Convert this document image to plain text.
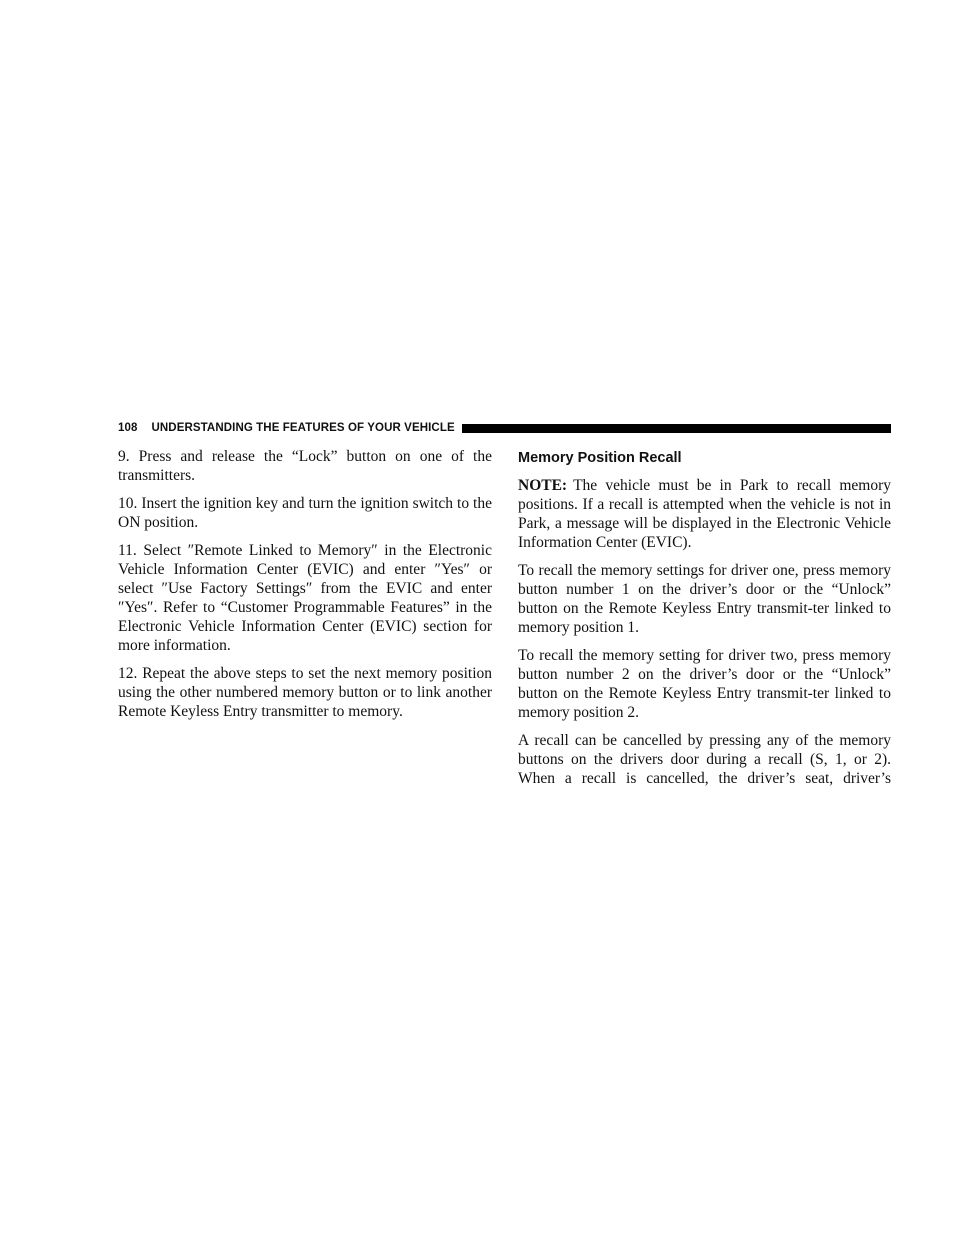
108 UNDERSTANDING THE FEATURES OF YOUR VEHICLE

9. Press and release the “Lock” button on one of the transmitters.

10. Insert the ignition key and turn the ignition switch to the ON position.

11. Select ″Remote Linked to Memory″ in the Electronic Vehicle Information Center (EVIC) and enter ″Yes″ or select ″Use Factory Settings″ from the EVIC and enter ″Yes″. Refer to “Customer Programmable Features” in the Electronic Vehicle Information Center (EVIC) section for more information.

12. Repeat the above steps to set the next memory position using the other numbered memory button or to link another Remote Keyless Entry transmitter to memory.

Memory Position Recall

NOTE: The vehicle must be in Park to recall memory positions. If a recall is attempted when the vehicle is not in Park, a message will be displayed in the Electronic Vehicle Information Center (EVIC).

To recall the memory settings for driver one, press memory button number 1 on the driver’s door or the “Unlock” button on the Remote Keyless Entry transmit-ter linked to memory position 1.

To recall the memory setting for driver two, press memory button number 2 on the driver’s door or the “Unlock” button on the Remote Keyless Entry transmit-ter linked to memory position 2.

A recall can be cancelled by pressing any of the memory buttons on the drivers door during a recall (S, 1, or 2). When a recall is cancelled, the driver’s seat, driver’s
